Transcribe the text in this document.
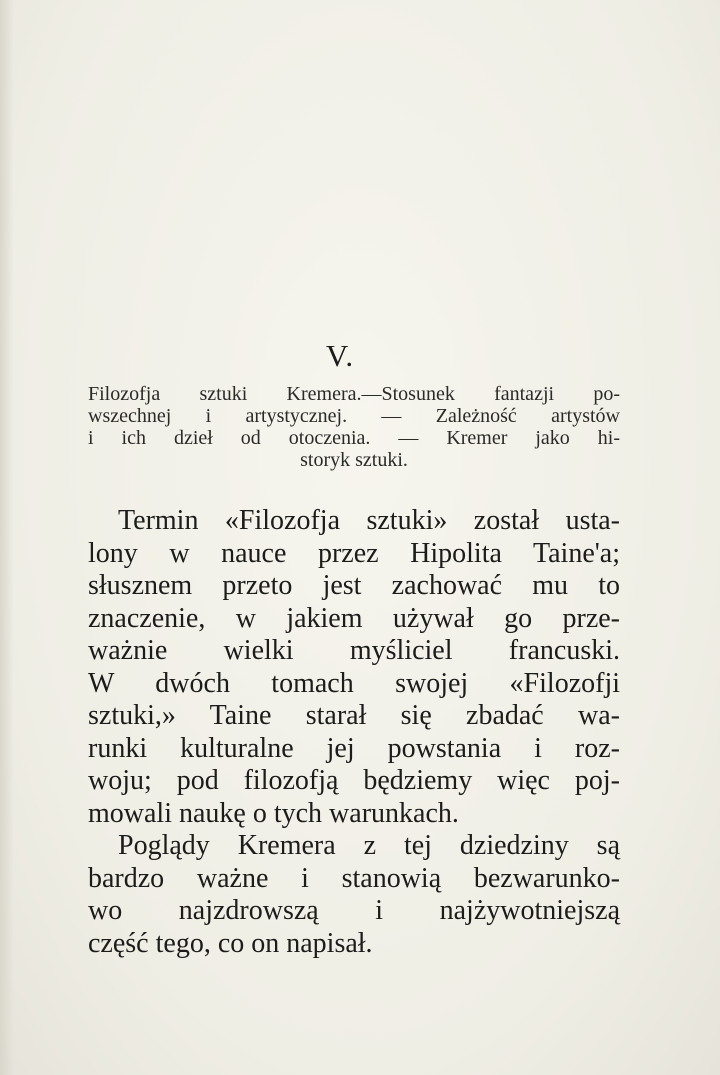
V.

Filozofja sztuki Kremera.—Stosunek fantazji po-
wszechnej i artystycznej. — Zależność artystów
i ich dzieł od otoczenia. — Kremer jako hi-
storyk sztuki.

Termin «Filozofja sztuki» został usta-
lony w nauce przez Hipolita Taine'a;
słusznem przeto jest zachować mu to
znaczenie, w jakiem używał go prze-
ważnie wielki myśliciel francuski.
W dwóch tomach swojej «Filozofji
sztuki,» Taine starał się zbadać wa-
runki kulturalne jej powstania i roz-
woju; pod filozofją będziemy więc poj-
mowali naukę o tych warunkach.
Poglądy Kremera z tej dziedziny są
bardzo ważne i stanowią bezwarunko-
wo najzdrowszą i najżywotniejszą
część tego, co on napisał.
